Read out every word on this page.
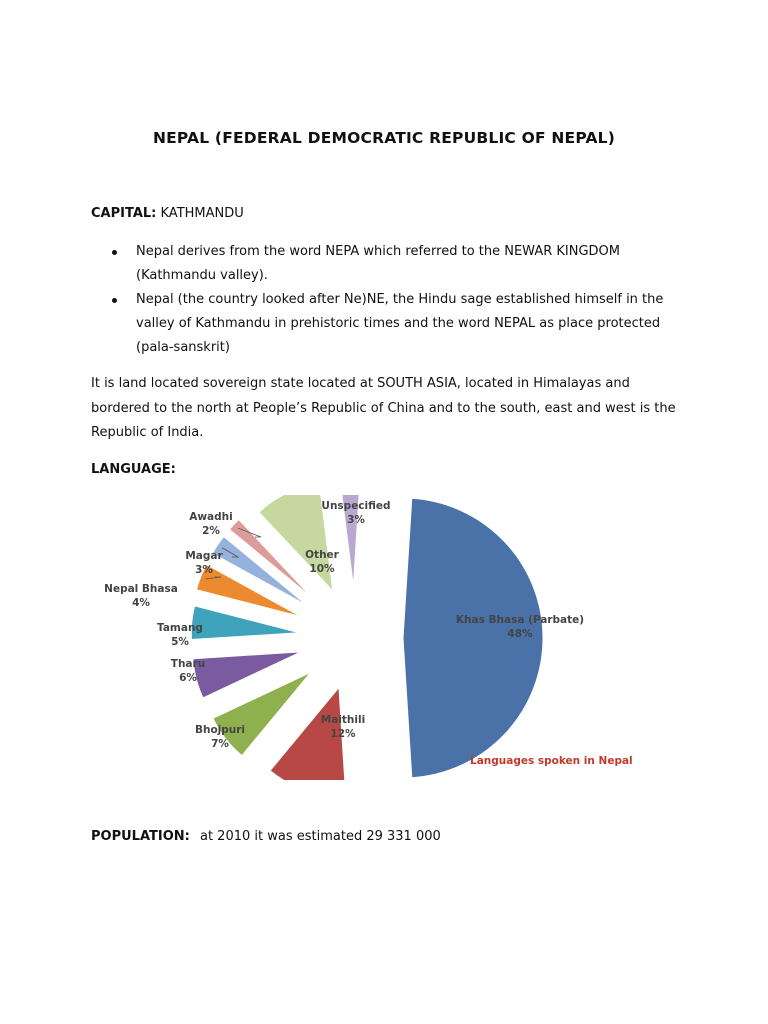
NEPAL (FEDERAL DEMOCRATIC REPUBLIC OF NEPAL)
CAPITAL: KATHMANDU
Nepal derives from the word NEPA which referred to the NEWAR KINGDOM (Kathmandu valley).
Nepal (the country looked after Ne)NE, the Hindu sage established himself in the valley of Kathmandu in prehistoric times and the word NEPAL as place protected (pala-sanskrit)
It is land located sovereign state located at SOUTH ASIA, located in Himalayas and bordered to the north at People’s Republic of China and to the south, east and west is the Republic of India.
LANGUAGE:
Khas Bhasa (Parbate)
48%
Maithili
12%
Bhojpuri
7%
Tharu
6%
Tamang
5%
Nepal Bhasa
4%
Magar
3%
Awadhi
2%
Other
10%
Unspecified
3%
Languages spoken in Nepal
POPULATION: at 2010 it was estimated 29 331 000
